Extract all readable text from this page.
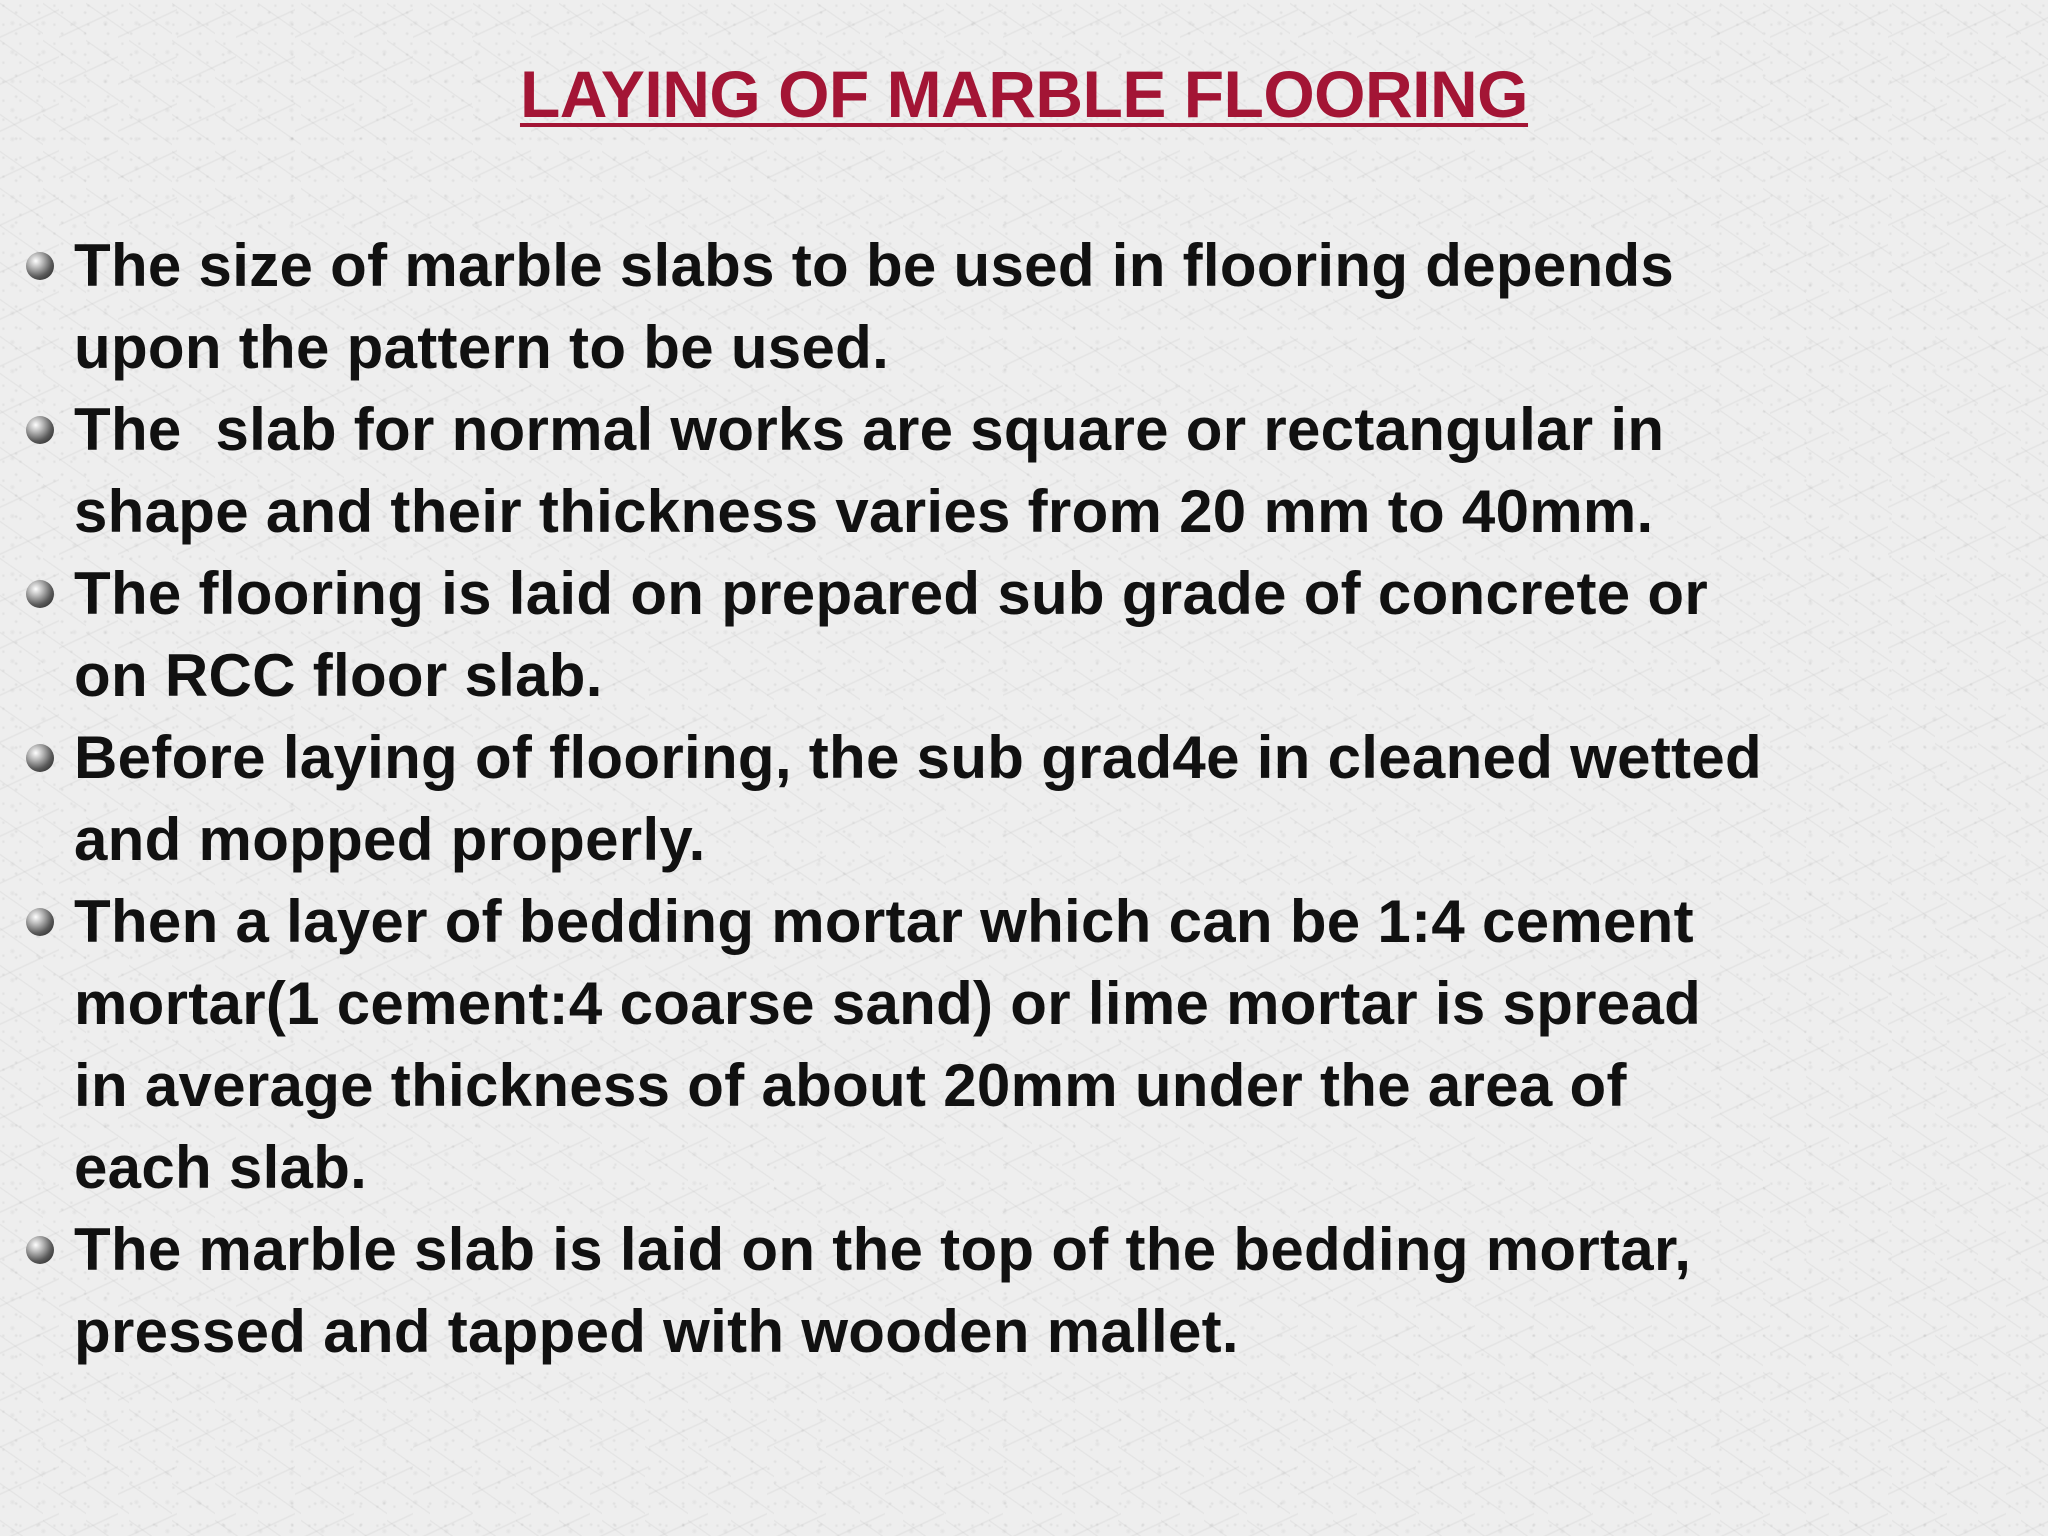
LAYING OF MARBLE FLOORING
The size of marble slabs to be used in flooring depends
upon the pattern to be used.
The  slab for normal works are square or rectangular in
shape and their thickness varies from 20 mm to 40mm.
The flooring is laid on prepared sub grade of concrete or
on RCC floor slab.
Before laying of flooring, the sub grad4e in cleaned wetted
and mopped properly.
Then a layer of bedding mortar which can be 1:4 cement
mortar(1 cement:4 coarse sand) or lime mortar is spread
in average thickness of about 20mm under the area of
each slab.
The marble slab is laid on the top of the bedding mortar,
pressed and tapped with wooden mallet.
